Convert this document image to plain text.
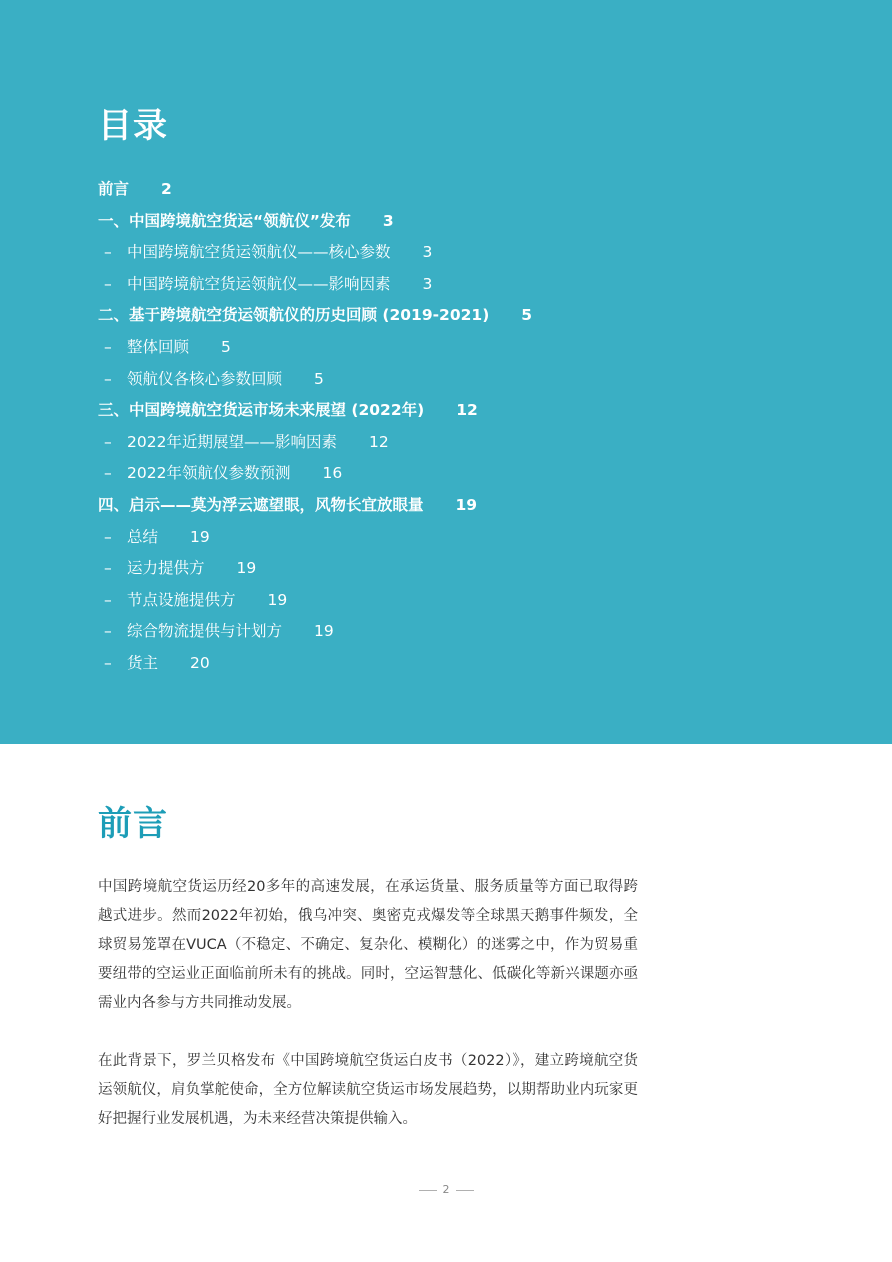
目录
前言 2
一、中国跨境航空货运“领航仪”发布 3
– 中国跨境航空货运领航仪——核心参数 3
– 中国跨境航空货运领航仪——影响因素 3
二、基于跨境航空货运领航仪的历史回顾 (2019-2021) 5
– 整体回顾 5
– 领航仪各核心参数回顾 5
三、中国跨境航空货运市场未来展望 (2022年) 12
– 2022年近期展望——影响因素 12
– 2022年领航仪参数预测 16
四、启示——莫为浮云遮望眼，风物长宜放眼量 19
– 总结 19
– 运力提供方 19
– 节点设施提供方 19
– 综合物流提供与计划方 19
– 货主 20
前言

中国跨境航空货运历经20多年的高速发展，在承运货量、服务质量等方面已取得跨越式进步。然而2022年初始，俄乌冲突、奥密克戎爆发等全球黑天鹅事件频发，全球贸易笼罩在VUCA（不稳定、不确定、复杂化、模糊化）的迷雾之中，作为贸易重要纽带的空运业正面临前所未有的挑战。同时，空运智慧化、低碳化等新兴课题亦亟需业内各参与方共同推动发展。

在此背景下，罗兰贝格发布《中国跨境航空货运白皮书（2022）》，建立跨境航空货运领航仪，肩负掌舵使命，全方位解读航空货运市场发展趋势，以期帮助业内玩家更好把握行业发展机遇，为未来经营决策提供输入。

2
